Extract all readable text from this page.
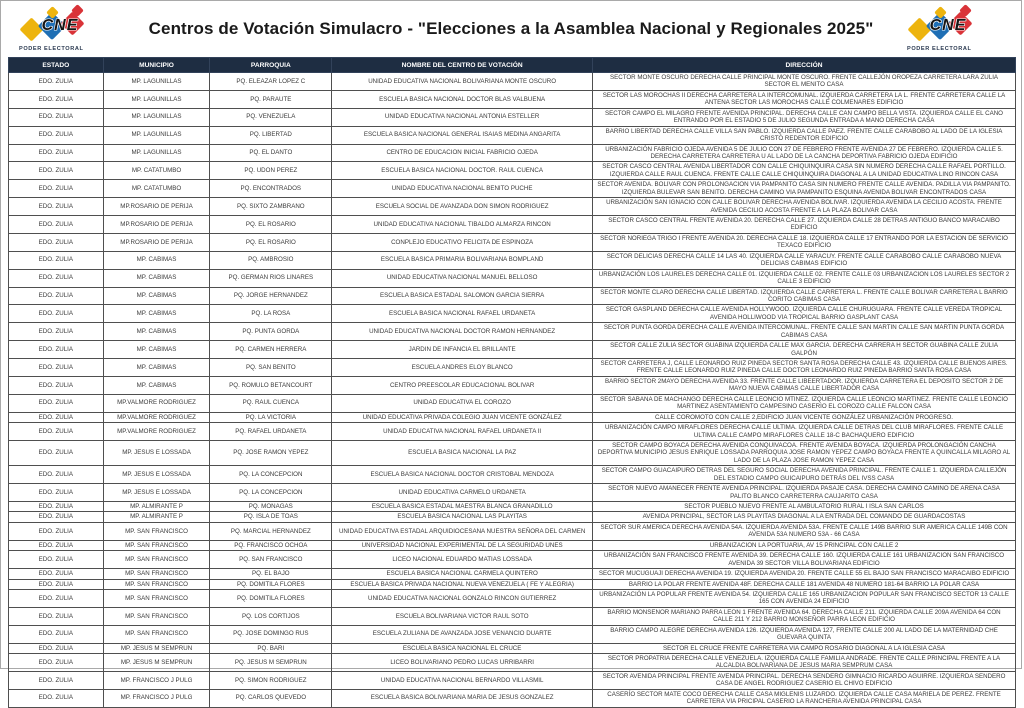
CNE
PODER ELECTORAL
Centros de Votación Simulacro - "Elecciones a la Asamblea Nacional y Regionales 2025"	CNE
PODER ELECTORAL
ESTADO	MUNICIPIO	PARROQUIA	NOMBRE DEL CENTRO DE VOTACIÓN	DIRECCIÓN
EDO. ZULIA	MP. LAGUNILLAS	PQ. ELEAZAR LOPEZ C	UNIDAD EDUCATIVA NACIONAL BOLIVARIANA MONTE OSCURO	SECTOR MONTE OSCURO DERECHA CALLE PRINCIPAL MONTE OSCURO. FRENTE CALLEJÓN OROPEZA CARRETERA LARA ZULIA SECTOR EL MENITO CASA
EDO. ZULIA	MP. LAGUNILLAS	PQ. PARAUTE	ESCUELA BASICA NACIONAL DOCTOR BLAS VALBUENA	SECTOR LAS MOROCHAS II DERECHA CARRETERA LA INTERCOMUNAL. IZQUIERDA CARRETERA LA L. FRENTE CARRETERA CALLE LA ANTENA SECTOR LAS MOROCHAS CALLE COLMENARES EDIFICIO
EDO. ZULIA	MP. LAGUNILLAS	PQ. VENEZUELA	UNIDAD EDUCATIVA NACIONAL ANTONIA ESTELLER	SECTOR CAMPO EL MILAGRO FRENTE AVENIDA PRINCIPAL. DERECHA CALLE CAN CAMPO BELLA VISTA. IZQUIERDA CALLE EL CANO ENTRANDO POR EL ESTADIO 5 DE JULIO SEGUNDA ENTRADA A MANO DERECHA CASA
EDO. ZULIA	MP. LAGUNILLAS	PQ. LIBERTAD	ESCUELA BASICA NACIONAL GENERAL ISAIAS MEDINA ANGARITA	BARRIO LIBERTAD DERECHA CALLE VILLA SAN PABLO. IZQUIERDA CALLE PAEZ. FRENTE CALLE CARABOBO AL LADO DE LA IGLESIA CRISTO REDENTOR EDIFICIO
EDO. ZULIA	MP. LAGUNILLAS	PQ. EL DANTO	CENTRO DE EDUCACION INICIAL FABRICIO OJEDA	URBANIZACIÓN FABRICIO OJEDA AVENIDA 5 DE JULIO CON 27 DE FEBRERO FRENTE AVENIDA 27 DE FEBRERO. IZQUIERDA CALLE 5. DERECHA CARRETERA CARRETERA U AL LADO DE LA CANCHA DEPORTIVA FABRICIO OJEDA EDIFICIO
EDO. ZULIA	MP. CATATUMBO	PQ. UDON PEREZ	ESCUELA BASICA NACIONAL DOCTOR. RAUL CUENCA	SECTOR CASCO CENTRAL AVENIDA LIBERTADOR CON CALLE CHIQUINQUIRA CASA SIN NUMERO DERECHA CALLE RAFAEL PORTILLO. IZQUIERDA CALLE RAUL CUENCA. FRENTE CALLE CALLE CHIQUINQUIRA DIAGONAL A LA UNIDAD EDUCATIVA LINO RINCON CASA
EDO. ZULIA	MP. CATATUMBO	PQ. ENCONTRADOS	UNIDAD EDUCATIVA NACIONAL BENITO PUCHE	SECTOR AVENIDA. BOLIVAR CON PROLONGACION VIA PAMPANITO CASA SIN NUMERO FRENTE CALLE AVENIDA. PADILLA VIA PAMPANITO. IZQUIERDA BULEVAR SAN BENITO. DERECHA CAMINO VIA PAMPANITO ESQUINA AVENIDA BOLIVAR ENCONTRADOS CASA
EDO. ZULIA	MP.ROSARIO DE PERIJA	PQ. SIXTO ZAMBRANO	ESCUELA SOCIAL DE AVANZADA DON SIMON RODRIGUEZ	URBANIZACIÓN SAN IGNACIO CON CALLE BOLIVAR DERECHA AVENIDA BOLIVAR. IZQUIERDA AVENIDA LA CECILIO ACOSTA. FRENTE AVENIDA CECILIO ACOSTA FRENTE A LA PLAZA BOLIVAR CASA
EDO. ZULIA	MP.ROSARIO DE PERIJA	PQ. EL ROSARIO	UNIDAD EDUCATIVA NACIONAL TIBALDO ALMARZA RINCON	SECTOR CASCO CENTRAL FRENTE AVENIDA 20. DERECHA CALLE 27. IZQUIERDA CALLE 28 DETRAS ANTIGUO BANCO MARACAIBO EDIFICIO
EDO. ZULIA	MP.ROSARIO DE PERIJA	PQ. EL ROSARIO	CONPLEJO EDUCATIVO FELICITA DE ESPINOZA	SECTOR NORIEGA TRIGO I FRENTE AVENIDA 20. DERECHA CALLE 18. IZQUIERDA CALLE 17 ENTRANDO POR LA ESTACION DE SERVICIO TEXACO EDIFICIO
EDO. ZULIA	MP. CABIMAS	PQ. AMBROSIO	ESCUELA BASICA PRIMARIA BOLIVARIANA BOMPLAND	SECTOR DELICIAS DERECHA CALLE 14 LAS 40. IZQUIERDA CALLE YARACUY. FRENTE CALLE CARABOBO CALLE CARABOBO NUEVA DELICIAS CABIMAS EDIFICIO
EDO. ZULIA	MP. CABIMAS	PQ. GERMAN RIOS LINARES	UNIDAD EDUCATIVA NACIONAL MANUEL BELLOSO	URBANIZACIÓN LOS LAURELES DERECHA CALLE 01. IZQUIERDA CALLE 02. FRENTE CALLE 03 URBANIZACION LOS LAURELES SECTOR 2 CALLE 3 EDIFICIO
EDO. ZULIA	MP. CABIMAS	PQ. JORGE HERNANDEZ	ESCUELA BASICA ESTADAL SALOMON GARCIA SIERRA	SECTOR MONTE CLARO DERECHA CALLE LIBERTAD. IZQUIERDA CALLE CARRETERA L. FRENTE CALLE BOLIVAR CARRETERA L BARRIO CORITO CABIMAS CASA
EDO. ZULIA	MP. CABIMAS	PQ. LA ROSA	ESCUELA BASICA NACIONAL RAFAEL URDANETA	SECTOR GASPLAND DERECHA CALLE AVENIDA HOLLYWOOD. IZQUIERDA CALLE CHURUGUARA. FRENTE CALLE VEREDA TROPICAL AVENIDA HOLLIWOOD VIA TROPICAL BARRIO GASPLANT CASA
EDO. ZULIA	MP. CABIMAS	PQ. PUNTA GORDA	UNIDAD EDUCATIVA NACIONAL DOCTOR RAMON HERNANDEZ	SECTOR PUNTA GORDA DERECHA CALLE AVENIDA INTERCOMUNAL. FRENTE CALLE SAN MARTIN CALLE SAN MARTIN PUNTA GORDA CABIMAS CASA
EDO. ZULIA	MP. CABIMAS	PQ. CARMEN HERRERA	JARDIN DE INFANCIA EL BRILLANTE	SECTOR CALLE ZULIA SECTOR GUABINA IZQUIERDA CALLE MAX GARCIA. DERECHA CARRERA H SECTOR GUABINA CALLE ZULIA GALPÓN
EDO. ZULIA	MP. CABIMAS	PQ. SAN BENITO	ESCUELA ANDRES ELOY BLANCO	SECTOR CARRETERA J, CALLE LEONARDO RUIZ PINEDA SECTOR SANTA ROSA DERECHA CALLE 43. IZQUIERDA CALLE BUENOS AIRES. FRENTE CALLE LEONARDO RUIZ PINEDA CALLE DOCTOR LEONARDO RUIZ PINEDA BARRIO SANTA ROSA CASA
EDO. ZULIA	MP. CABIMAS	PQ. ROMULO BETANCOURT	CENTRO PREESCOLAR EDUCACIONAL BOLIVAR	BARRIO SECTOR 2MAYO DERECHA AVENIDA 33. FRENTE CALLE LIBEERTADOR. IZQUIERDA CARRETERA EL DEPOSITO SECTOR 2 DE MAYO NUEVA CABIMAS CALLE LIBERTADOR CASA
EDO. ZULIA	MP.VALMORE RODRIGUEZ	PQ. RAUL CUENCA	UNIDAD EDUCATIVA EL COROZO	SECTOR SABANA DE MACHANGO DERECHA CALLE LEONCIO MTINEZ. IZQUIERDA CALLE LEONCIO MARTINEZ. FRENTE CALLE LEONCIO MARTINEZ ASENTAMIENTO CAMPESINO CASERIO EL COROZO CALLE FALCON CASA
EDO. ZULIA	MP.VALMORE RODRIGUEZ	PQ. LA VICTORIA	UNIDAD EDUCATIVA PRIVADA COLEGIO JUAN VICENTE GONZÁLEZ	CALLE COROMOTO CON CALLE 2,EDIFICIO JUAN VICENTE GONZÁLEZ URBANIZACIÓN PROGRESO.
EDO. ZULIA	MP.VALMORE RODRIGUEZ	PQ. RAFAEL URDANETA	UNIDAD EDUCATIVA NACIONAL RAFAEL URDANETA II	URBANIZACIÓN CAMPO MIRAFLORES DERECHA CALLE ULTIMA. IZQUIERDA CALLE DETRAS DEL CLUB MIRAFLORES. FRENTE CALLE ULTIMA CALLE CAMPO MIRAFLORES CALLE 18-C BACHAQUERO EDIFICIO
EDO. ZULIA	MP. JESUS E LOSSADA	PQ. JOSE RAMON YEPEZ	ESCUELA BASICA NACIONAL LA PAZ	SECTOR CAMPO BOYACA DERECHA AVENIDA CONQUIVACOA. FRENTE AVENIDA BOYACA. IZQUIERDA PROLONGACIÓN CANCHA DEPORTIVA MUNICIPIO JESUS ENRIQUE LOSSADA PARROQUIA JOSE RAMON YEPEZ CAMPO BOYACA FRENTE A QUINCALLA MILAGRO AL LADO DE LA PLAZA JOSE RAMON YEPEZ CASA
EDO. ZULIA	MP. JESUS E LOSSADA	PQ. LA CONCEPCION	ESCUELA BASICA NACIONAL DOCTOR CRISTOBAL MENDOZA	SECTOR CAMPO GUACAIPURO DETRAS DEL SEGURO SOCIAL DERECHA AVENIDA PRINCIPAL. FRENTE CALLE 1. IZQUIERDA CALLEJÓN DEL ESTADIO CAMPO GUICAIPURO DETRÁS DEL IVSS CASA
EDO. ZULIA	MP. JESUS E LOSSADA	PQ. LA CONCEPCION	UNIDAD EDUCATIVA CARMELO URDANETA	SECTOR NUEVO AMANECER FRENTE AVENIDA PRINCIPAL. IZQUIERDA PASAJE CASA. DERECHA CAMINO CAMINO DE ARENA CASA PALITO BLANCO CARRETERRA CAUJARITO CASA
EDO. ZULIA	MP. ALMIRANTE P	PQ. MONAGAS	ESCUELA BASICA ESTADAL MAESTRA BLANCA GRANADILLO	SECTOR PUEBLO NUEVO FRENTE AL AMBULATORIO RURAL I ISLA SAN CARLOS
EDO. ZULIA	MP. ALMIRANTE P	PQ. ISLA DE TOAS	ESCUELA BASICA NACIONAL LAS PLAYITAS	AVENIDA PRINCIPAL, SECTOR LAS PLAYITAS DIAGONAL A LA ENTRADA DEL COMANDO DE GUARDACOSTAS
EDO. ZULIA	MP. SAN FRANCISCO	PQ. MARCIAL HERNANDEZ	UNIDAD EDUCATIVA ESTADAL ARQUIDIOCESANA NUESTRA SEÑORA DEL CARMEN	SECTOR SUR AMERICA DERECHA AVENIDA 54A. IZQUIERDA AVENIDA 53A. FRENTE CALLE 149B BARRIO SUR AMERICA CALLE 149B CON AVENIDA 53A NUMERO 53A - 66 CASA
EDO. ZULIA	MP. SAN FRANCISCO	PQ. FRANCISCO OCHOA	UNIVERSIDAD NACIONAL EXPERIMENTAL DE LA SEGURIDAD UNES	URBANIZACION LA PORTUARIA, AV 15 PRINCIPAL CON CALLE 2
EDO. ZULIA	MP. SAN FRANCISCO	PQ. SAN FRANCISCO	LICEO NACIONAL EDUARDO MATIAS LOSSADA	URBANIZACIÓN SAN FRANCISCO FRENTE AVENIDA 39. DERECHA CALLE 160. IZQUIERDA CALLE 161 URBANIZACION SAN FRANCISCO AVENIDA 39 SECTOR VILLA BOLIVARIANA EDIFICIO
EDO. ZULIA	MP. SAN FRANCISCO	PQ. EL BAJO	ESCUELA BASICA NACIONAL CARMELA QUINTERO	SECTOR MUCUGUAJI DERECHA AVENIDA 19. IZQUIERDA AVENIDA 20. FRENTE CALLE 55 EL BAJO SAN FRANCISCO MARACAIBO EDIFICIO
EDO. ZULIA	MP. SAN FRANCISCO	PQ. DOMITILA FLORES	ESCUELA BASICA PRIVADA NACIONAL NUEVA VENEZUELA ( FE Y ALEGRIA)	BARRIO LA POLAR FRENTE AVENIDA 48F. DERECHA CALLE 181 AVENIDA 48 NUMERO 181-64 BARRIO LA POLAR CASA
EDO. ZULIA	MP. SAN FRANCISCO	PQ. DOMITILA FLORES	UNIDAD EDUCATIVA NACIONAL GONZALO RINCON GUTIERREZ	URBANIZACIÓN LA POPULAR FRENTE AVENIDA 54. IZQUIERDA CALLE 165 URBANIZACION POPULAR SAN FRANCISCO SECTOR 13 CALLE 165 CON AVENIDA 24 EDIFICIO
EDO. ZULIA	MP. SAN FRANCISCO	PQ. LOS CORTIJOS	ESCUELA BOLIVARIANA VICTOR RAUL SOTO	BARRIO MONSENOR MARIANO PARRA LEON 1 FRENTE AVENIDA 64. DERECHA CALLE 211. IZQUIERDA CALLE 209A AVENIDA 64 CON CALLE 211 Y 212 BARRIO MONSEÑOR PARRA LEON EDIFICIO
EDO. ZULIA	MP. SAN FRANCISCO	PQ. JOSE DOMINGO RUS	ESCUELA ZULIANA DE AVANZADA JOSE VENANCIO DUARTE	BARRIO CAMPO ALEGRE DERECHA AVENIDA 126. IZQUIERDA AVENIDA 127, FRENTE CALLE 200 AL LADO DE LA MATERNIDAD CHE GUEVARA QUINTA
EDO. ZULIA	MP. JESUS M SEMPRUN	PQ. BARI	ESCUELA BASICA NACIONAL EL CRUCE	SECTOR EL CRUCE FRENTE CARRETERA VIA CAMPO ROSARIO DIAGONAL A LA IGLESIA CASA
EDO. ZULIA	MP. JESUS M SEMPRUN	PQ. JESUS M SEMPRUN	LICEO BOLIVARIANO PEDRO LUCAS URRIBARRI	SECTOR PROPATRIA DERECHA CALLE VENEZUELA. IZQUIERDA CALLE FAMILIA ANDRADE. FRENTE CALLE PRINCIPAL FRENTE A LA ALCALDIA BOLIVARIANA DE JESUS MARIA SEMPRUM CASA
EDO. ZULIA	MP. FRANCISCO J PULG	PQ. SIMON RODRIGUEZ	UNIDAD EDUCATIVA NACIONAL BERNARDO VILLASMIL	SECTOR AVENIDA PRINCIPAL FRENTE AVENIDA PRINCIPAL. DERECHA SENDERO GIMNACIO RICARDO AGUIRRE. IZQUIERDA SENDERO CASA DE ANGEL RODRIGUEZ CASERIO EL CHIVO EDIFICIO
EDO. ZULIA	MP. FRANCISCO J PULG	PQ. CARLOS QUEVEDO	ESCUELA BASICA BOLIVARIANA MARIA DE JESUS GONZALEZ	CASERÍO SECTOR MATE COCO DERECHA CALLE CASA MIGLENIS LUZARDO. IZQUIERDA CALLE CASA MARIELA DE PEREZ. FRENTE CARRETERA VIA PRICIPAL CASERIO LA RANCHERIA AVENIDA PRINCIPAL CASA
